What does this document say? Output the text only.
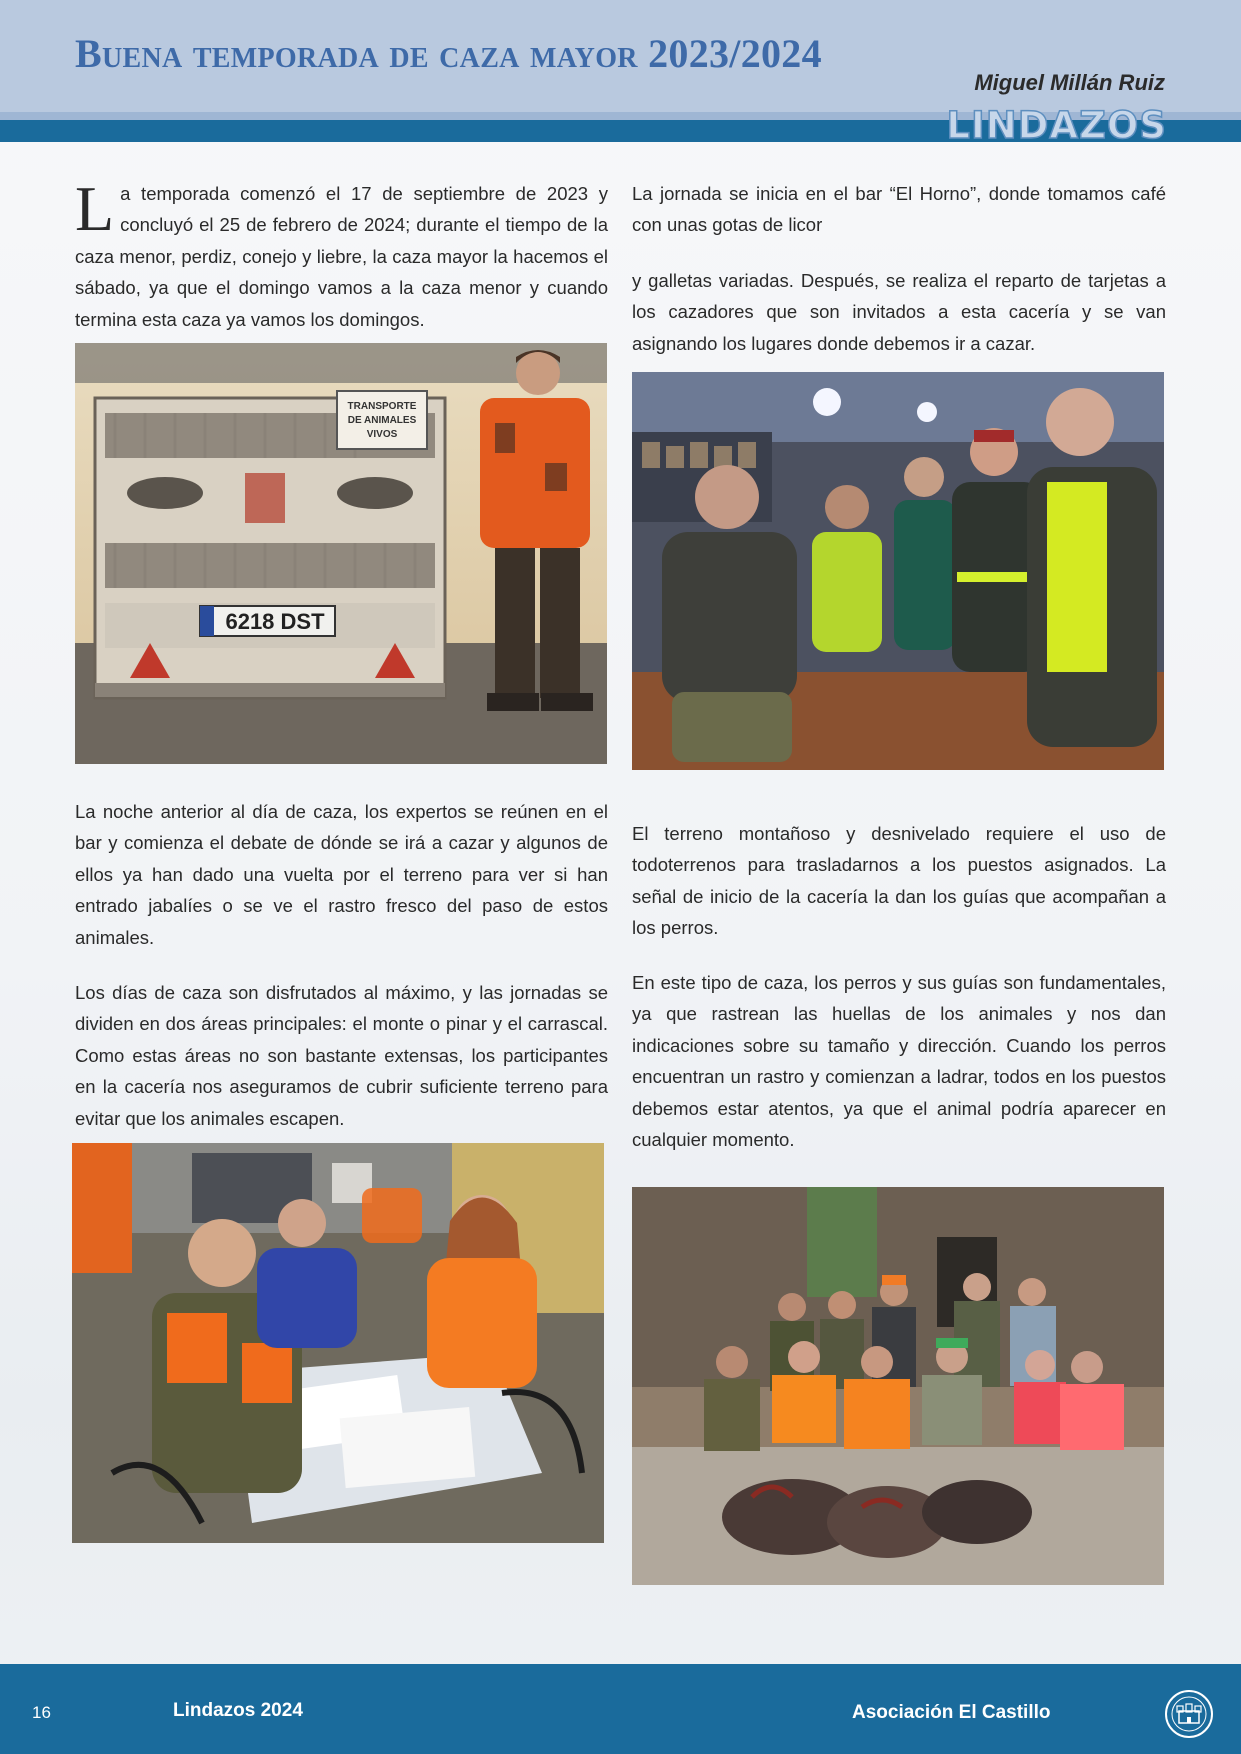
Buena temporada de caza mayor 2023/2024
Miguel Millán Ruiz
LINDAZOS

La temporada comenzó el 17 de septiembre de 2023 y concluyó el 25 de febrero de 2024; durante el tiempo de la caza menor, perdiz, conejo y liebre, la caza mayor la hacemos el sábado, ya que el domingo vamos a la caza menor y cuando termina esta caza ya vamos los domingos.

TRANSPORTE
DE ANIMALES
VIVOS
6218 DST

La noche anterior al día de caza, los expertos se reúnen en el bar y comienza el debate de dónde se irá a cazar y algunos de ellos ya han dado una vuelta por el terreno para ver si han entrado jabalíes o se ve el rastro fresco del paso de estos animales.

Los días de caza son disfrutados al máximo, y las jornadas se dividen en dos áreas principales: el monte o pinar y el carrascal. Como estas áreas no son bastante extensas, los participantes en la cacería nos aseguramos de cubrir suficiente terreno para evitar que los animales escapen.

La jornada se inicia en el bar “El Horno”, donde tomamos café con unas gotas de licor

y galletas variadas. Después, se realiza el reparto de tarjetas a los cazadores que son invitados a esta cacería y se van asignando los lugares donde debemos ir a cazar.

El terreno montañoso y desnivelado requiere el uso de todoterrenos para trasladarnos a los puestos asignados. La señal de inicio de la cacería la dan los guías que acompañan a los perros.

En este tipo de caza, los perros y sus guías son fundamentales, ya que rastrean las huellas de los animales y nos dan indicaciones sobre su tamaño y dirección. Cuando los perros encuentran un rastro y comienzan a ladrar, todos en los puestos debemos estar atentos, ya que el animal podría aparecer en cualquier momento.

16	Lindazos 2024	Asociación El Castillo
